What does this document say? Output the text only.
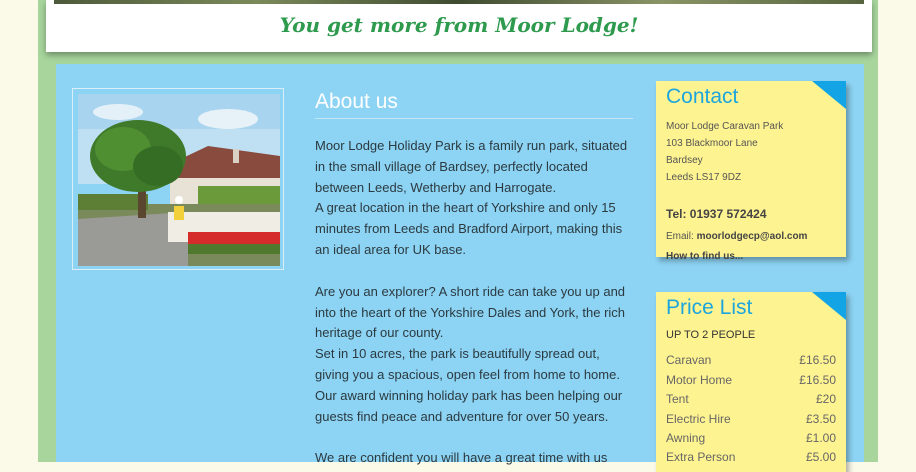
You get more from Moor Lodge!
About us

Moor Lodge Holiday Park is a family run park, situated in the small village of Bardsey, perfectly located between Leeds, Wetherby and Harrogate.

A great location in the heart of Yorkshire and only 15 minutes from Leeds and Bradford Airport, making this an ideal area for UK base.

Are you an explorer? A short ride can take you up and into the heart of the Yorkshire Dales and York, the rich heritage of our county.

Set in 10 acres, the park is beautifully spread out, giving you a spacious, open feel from home to home.

Our award winning holiday park has been helping our guests find peace and adventure for over 50 years.

We are confident you will have a great time with us

Contact
Moor Lodge Caravan Park
103 Blackmoor Lane
Bardsey
Leeds LS17 9DZ
Tel: 01937 572424
Email: moorlodgecp@aol.com
How to find us...
Price List
UP TO 2 PEOPLE
Caravan	£16.50
Motor Home	£16.50
Tent	£20
Electric Hire	£3.50
Awning	£1.00
Extra Person	£5.00
